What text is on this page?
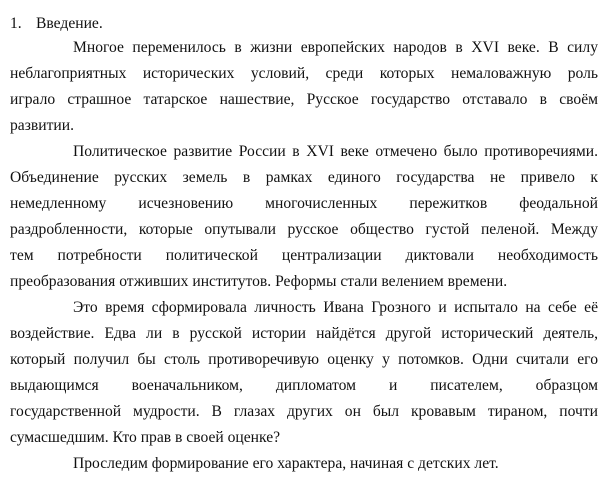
1. Введение.
Многое переменилось в жизни европейских народов в XVI веке. В силу
неблагоприятных исторических условий, среди которых немаловажную роль
играло страшное татарское нашествие, Русское государство отставало в своём
развитии.
Политическое развитие России в XVI веке отмечено было противоречиями.
Объединение русских земель в рамках единого государства не привело к
немедленному исчезновению многочисленных пережитков феодальной
раздробленности, которые опутывали русское общество густой пеленой. Между
тем потребности политической централизации диктовали необходимость
преобразования отживших институтов. Реформы стали велением времени.
Это время сформировала личность Ивана Грозного и испытало на себе её
воздействие. Едва ли в русской истории найдётся другой исторический деятель,
который получил бы столь противоречивую оценку у потомков. Одни считали его
выдающимся военачальником, дипломатом и писателем, образцом
государственной мудрости. В глазах других он был кровавым тираном, почти
сумасшедшим. Кто прав в своей оценке?
Проследим формирование его характера, начиная с детских лет.
